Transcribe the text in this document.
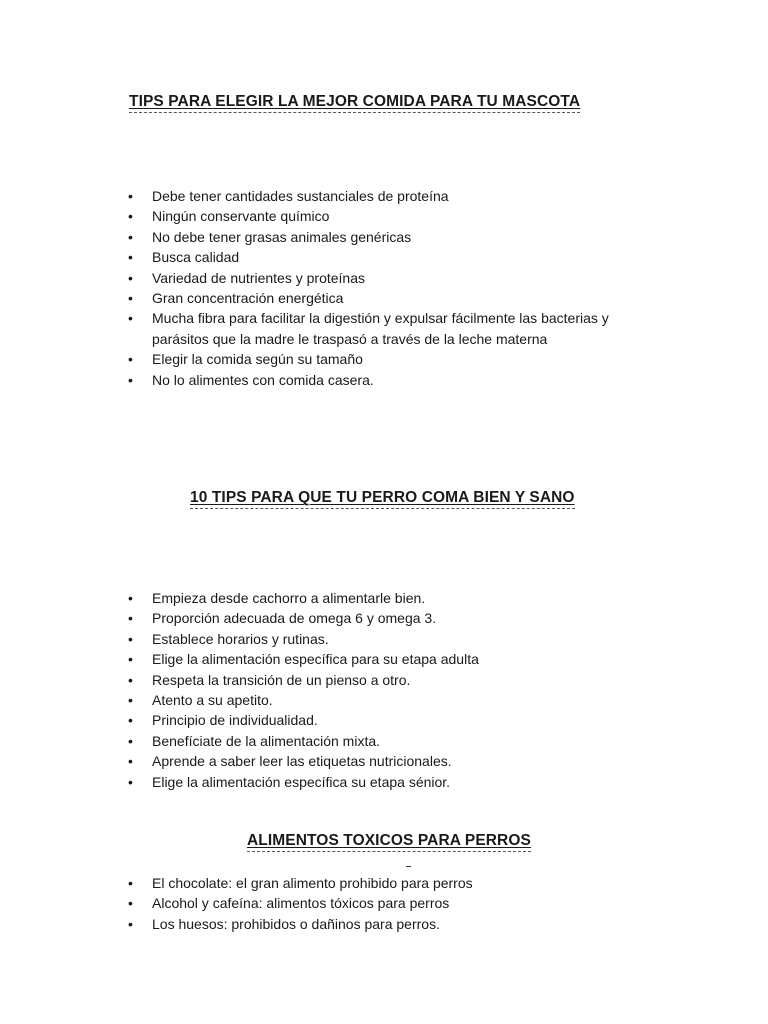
TIPS PARA ELEGIR LA MEJOR COMIDA PARA TU MASCOTA
• Debe tener cantidades sustanciales de proteína
• Ningún conservante químico
• No debe tener grasas animales genéricas
• Busca calidad
• Variedad de nutrientes y proteínas
• Gran concentración energética
• Mucha fibra para facilitar la digestión y expulsar fácilmente las bacterias y parásitos que la madre le traspasó a través de la leche materna
• Elegir la comida según su tamaño
• No lo alimentes con comida casera.
10 TIPS PARA QUE TU PERRO COMA BIEN Y SANO
• Empieza desde cachorro a alimentarle bien.
• Proporción adecuada de omega 6 y omega 3.
• Establece horarios y rutinas.
• Elige la alimentación específica para su etapa adulta
• Respeta la transición de un pienso a otro.
• Atento a su apetito.
• Principio de individualidad.
• Benefíciate de la alimentación mixta.
• Aprende a saber leer las etiquetas nutricionales.
• Elige la alimentación específica su etapa sénior.
ALIMENTOS TOXICOS PARA PERROS
• El chocolate: el gran alimento prohibido para perros
• Alcohol y cafeína: alimentos tóxicos para perros
• Los huesos: prohibidos o dañinos para perros.
